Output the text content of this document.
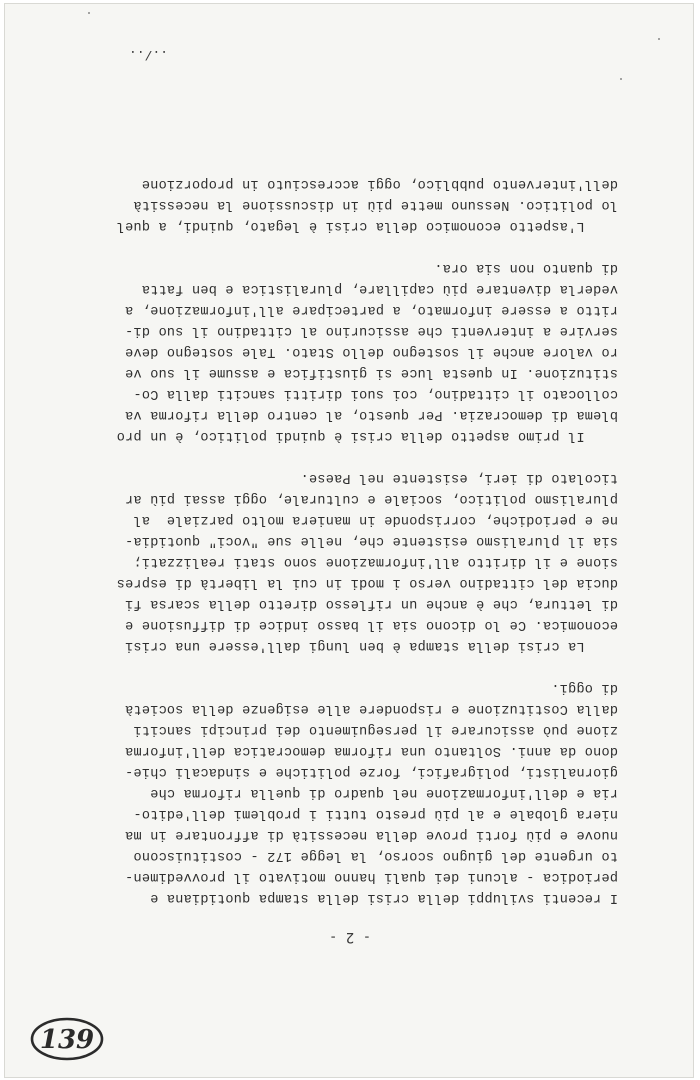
139
- 2 -
I recenti sviluppi della crisi della stampa quotidiana e
periodica - alcuni dei quali hanno motivato il provvedimen-
to urgente del giugno scorso, la legge 172 - costituiscono
nuove e più forti prove della necessità di affrontare in ma
niera globale e al più presto tutti i problemi dell'edito-
ria e dell'informazione nel quadro di quella riforma che
giornalisti, poligrafici, forze politiche e sindacali chie-
dono da anni. Soltanto una riforma democratica dell'informa
zione può assicurare il perseguimento dei principi sanciti
dalla Costituzione e rispondere alle esigenze della società
di oggi.
La crisi della stampa è ben lungi dall'essere una crisi
economica. Ce lo dicono sia il basso indice di diffusione e
di lettura, che è anche un riflesso diretto della scarsa fi
ducia del cittadino verso i modi in cui la libertà di espres
sione e il diritto all'informazione sono stati realizzati;
sia il pluralismo esistente che, nelle sue "voci" quotidia-
ne e periodiche, corrisponde in maniera molto parziale  al
pluralismo politico, sociale e culturale, oggi assai più ar
ticolato di ieri, esistente nel Paese.
Il primo aspetto della crisi è quindi politico, è un pro
blema di democrazia. Per questo, al centro della riforma va
collocato il cittadino, coi suoi diritti sanciti dalla Co-
stituzione. In questa luce si giustifica e assume il suo ve
ro valore anche il sostegno dello Stato. Tale sostegno deve
servire a interventi che assicurino al cittadino il suo di-
ritto a essere informato, a partecipare all'informazione, a
vederla diventare più capillare, pluralistica e ben fatta
di quanto non sia ora.
L'aspetto economico della crisi è legato, quindi, a quel
lo politico. Nessuno mette più in discussione la necessità
dell'intervento pubblico, oggi accresciuto in proporzione
../..
